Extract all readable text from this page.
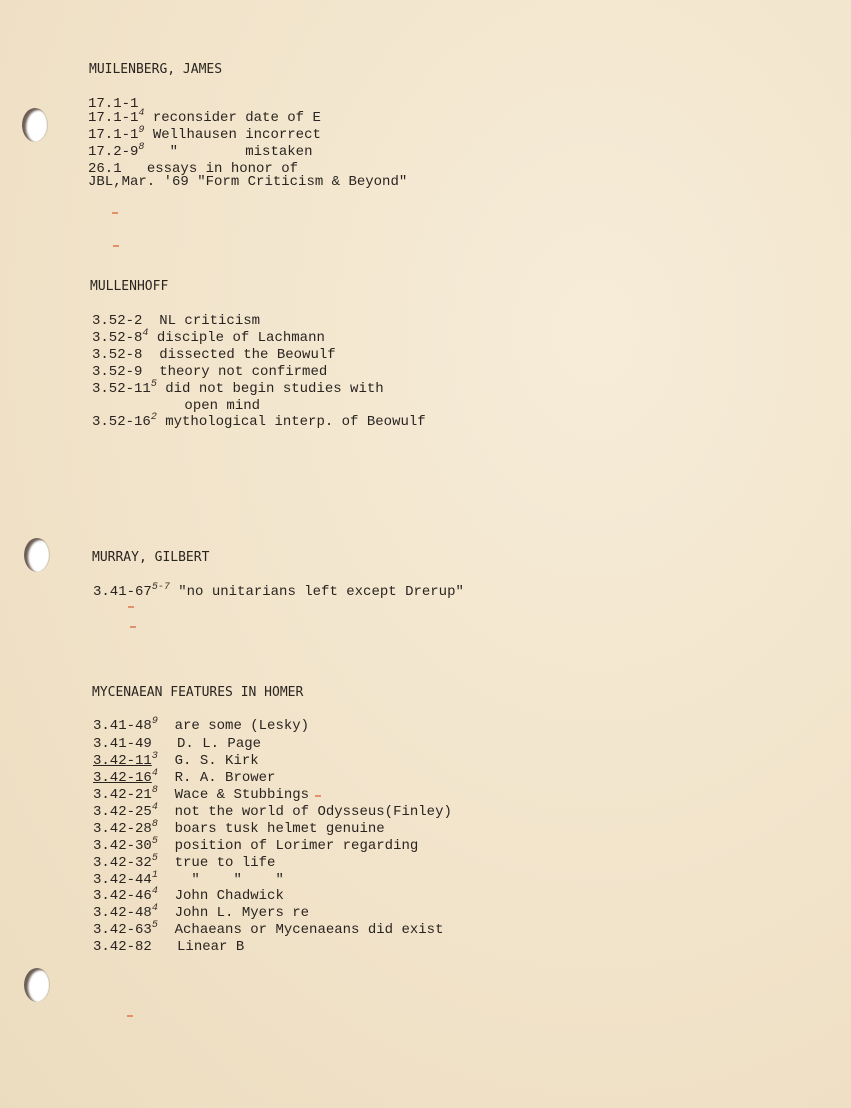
MUILENBERG, JAMES
17.1-1
$17.1-1^4$ reconsider date of E
$17.1-1^9$ Wellhausen incorrect
$17.2-9^8$   "        mistaken
26.1   essays in honor of
JBL,Mar. '69 "Form Criticism & Beyond"
MULLENHOFF
3.52-2  NL criticism
$3.52-8^4$ disciple of Lachmann
3.52-8  dissected the Beowulf
3.52-9  theory not confirmed
$3.52-11^5$ did not begin studies with
open mind
$3.52-16^2$ mythological interp. of Beowulf
MURRAY, GILBERT
3.41-67$^{5-7}$ "no unitarians left except Drerup"
MYCENAEAN FEATURES IN HOMER
$3.41-48^9$  are some (Lesky)
3.41-49   D. L. Page
$3.42-11^3$  G. S. Kirk
$3.42-16^4$  R. A. Brower
$3.42-21^8$  Wace & Stubbings
$3.42-25^4$  not the world of Odysseus(Finley)
$3.42-28^8$  boars tusk helmet genuine
$3.42-30^5$  position of Lorimer regarding
$3.42-32^5$  true to life
$3.42-44^1$    "    "    "
$3.42-46^4$  John Chadwick
$3.42-48^4$  John L. Myers re
$3.42-63^5$  Achaeans or Mycenaeans did exist
3.42-82   Linear B
